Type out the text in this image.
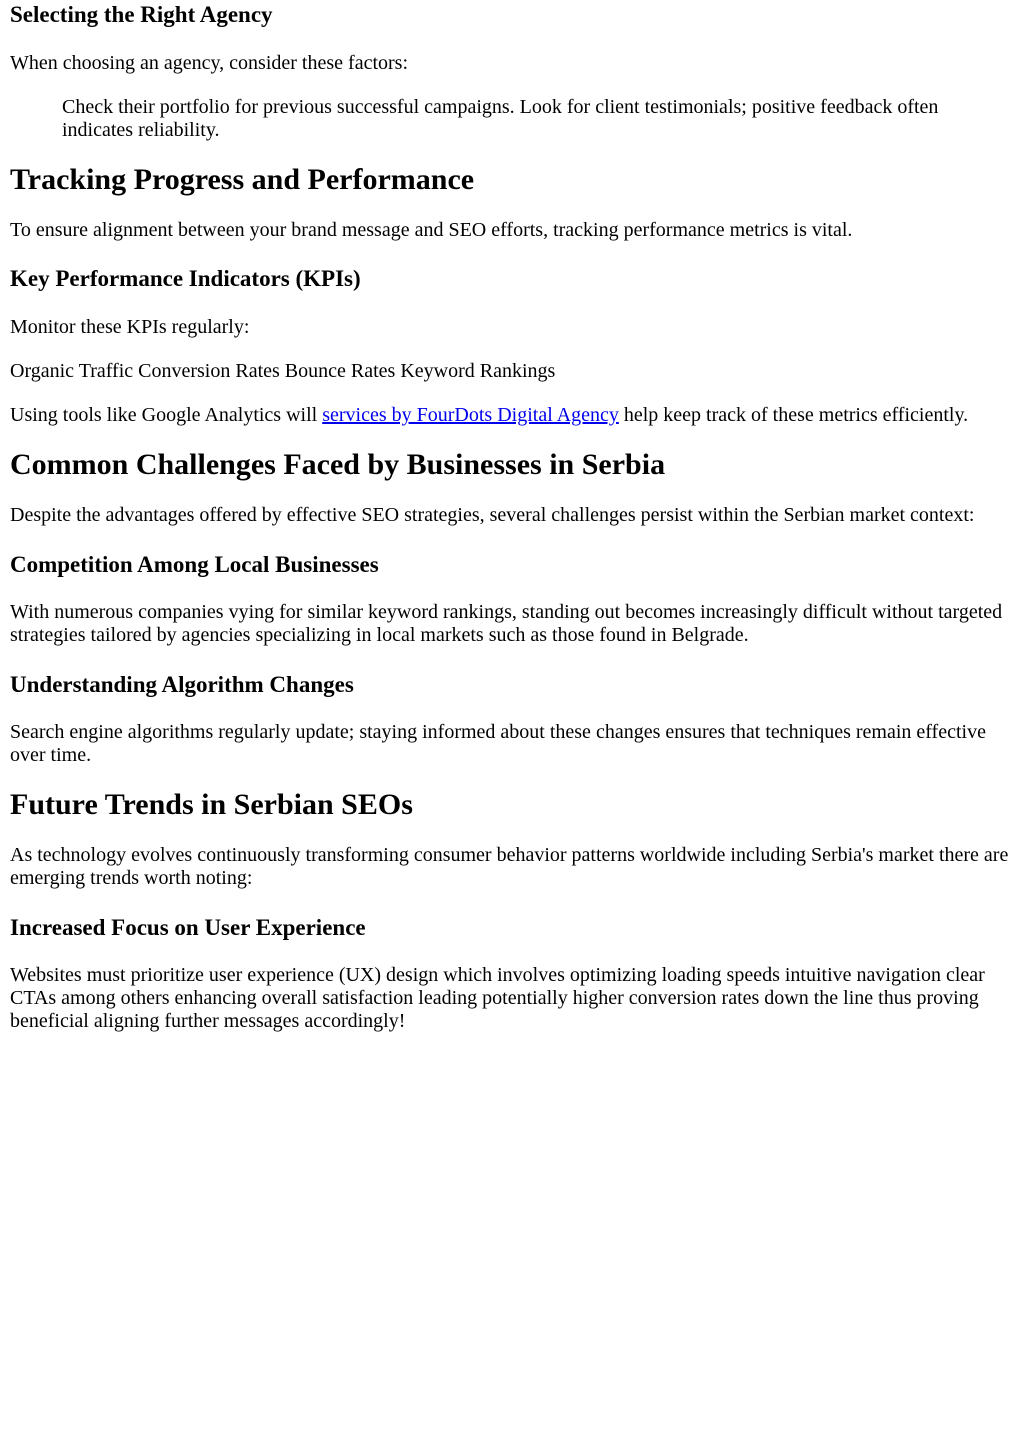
Selecting the Right Agency

When choosing an agency, consider these factors:

Check their portfolio for previous successful campaigns. Look for client testimonials; positive feedback often indicates reliability.
Tracking Progress and Performance

To ensure alignment between your brand message and SEO efforts, tracking performance metrics is vital.

Key Performance Indicators (KPIs)

Monitor these KPIs regularly:

Organic Traffic Conversion Rates Bounce Rates Keyword Rankings

Using tools like Google Analytics will services by FourDots Digital Agency help keep track of these metrics efficiently.

Common Challenges Faced by Businesses in Serbia

Despite the advantages offered by effective SEO strategies, several challenges persist within the Serbian market context:

Competition Among Local Businesses

With numerous companies vying for similar keyword rankings, standing out becomes increasingly difficult without targeted strategies tailored by agencies specializing in local markets such as those found in Belgrade.

Understanding Algorithm Changes

Search engine algorithms regularly update; staying informed about these changes ensures that techniques remain effective over time.

Future Trends in Serbian SEOs

As technology evolves continuously transforming consumer behavior patterns worldwide including Serbia's market there are emerging trends worth noting:

Increased Focus on User Experience

Websites must prioritize user experience (UX) design which involves optimizing loading speeds intuitive navigation clear CTAs among others enhancing overall satisfaction leading potentially higher conversion rates down the line thus proving beneficial aligning further messages accordingly!
